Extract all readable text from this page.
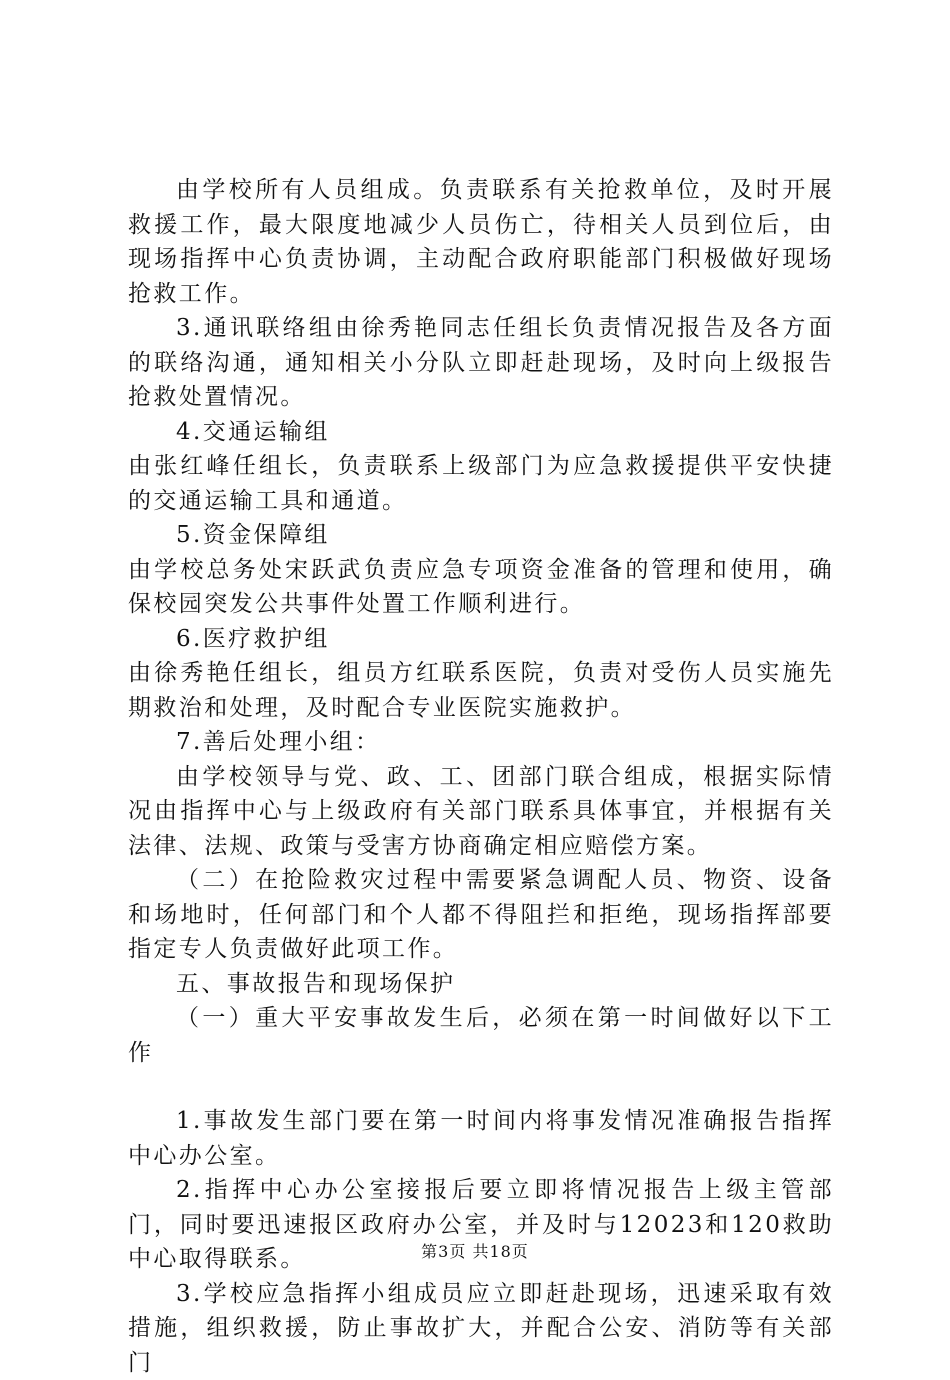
由学校所有人员组成。负责联系有关抢救单位，及时开展救援工作，最大限度地减少人员伤亡，待相关人员到位后，由现场指挥中心负责协调，主动配合政府职能部门积极做好现场抢救工作。

3.通讯联络组由徐秀艳同志任组长负责情况报告及各方面的联络沟通，通知相关小分队立即赶赴现场，及时向上级报告抢救处置情况。

4.交通运输组

由张红峰任组长，负责联系上级部门为应急救援提供平安快捷的交通运输工具和通道。

5.资金保障组

由学校总务处宋跃武负责应急专项资金准备的管理和使用，确保校园突发公共事件处置工作顺利进行。

6.医疗救护组

由徐秀艳任组长，组员方红联系医院，负责对受伤人员实施先期救治和处理，及时配合专业医院实施救护。

7.善后处理小组：

由学校领导与党、政、工、团部门联合组成，根据实际情况由指挥中心与上级政府有关部门联系具体事宜，并根据有关法律、法规、政策与受害方协商确定相应赔偿方案。

（二）在抢险救灾过程中需要紧急调配人员、物资、设备和场地时，任何部门和个人都不得阻拦和拒绝，现场指挥部要指定专人负责做好此项工作。

五、事故报告和现场保护

（一）重大平安事故发生后，必须在第一时间做好以下工作

1.事故发生部门要在第一时间内将事发情况准确报告指挥中心办公室。

2.指挥中心办公室接报后要立即将情况报告上级主管部门，同时要迅速报区政府办公室，并及时与12023和120救助中心取得联系。

3.学校应急指挥小组成员应立即赶赴现场，迅速采取有效措施，组织救援，防止事故扩大，并配合公安、消防等有关部门

第3页 共18页
